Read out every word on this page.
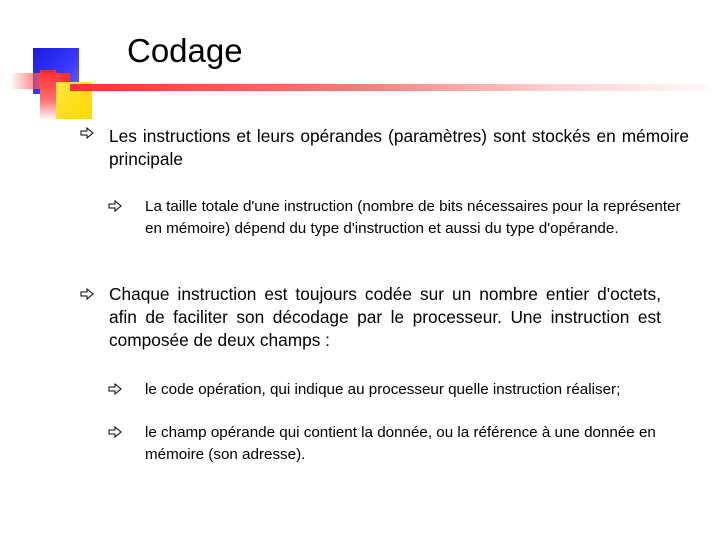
Codage

Les instructions et leurs opérandes (paramètres) sont stockés en mémoire principale

La taille totale d'une instruction (nombre de bits nécessaires pour la représenter en mémoire) dépend du type d'instruction et aussi du type d'opérande.

Chaque instruction est toujours codée sur un nombre entier d'octets, afin de faciliter son décodage par le processeur. Une instruction est composée de deux champs :

le code opération, qui indique au processeur quelle instruction réaliser;

le champ opérande qui contient la donnée, ou la référence à une donnée en mémoire (son adresse).
